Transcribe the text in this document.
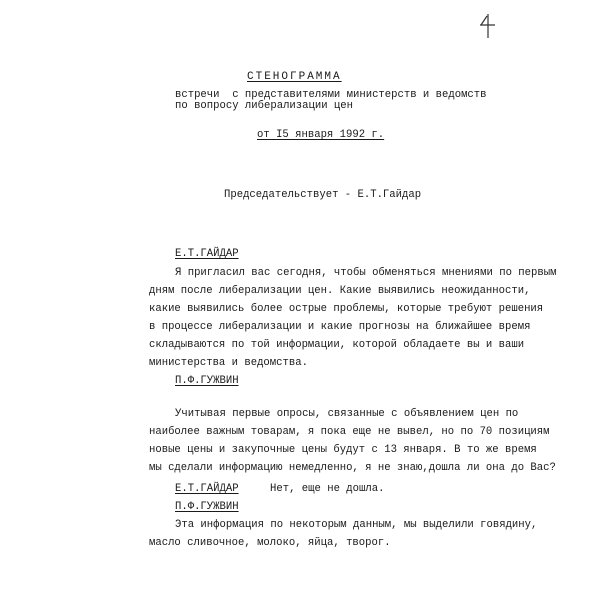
СТЕНОГРАММА
встречи  с представителями министерств и ведомств
по вопросу либерализации цен
от I5 января 1992 г.
Председательствует - Е.Т.Гайдар
Е.Т.ГАЙДАР
Я пригласил вас сегодня, чтобы обменяться мнениями по первым
дням после либерализации цен. Какие выявились неожиданности,
какие выявились более острые проблемы, которые требуют решения
в процессе либерализации и какие прогнозы на ближайшее время
складываются по той информации, которой обладаете вы и ваши
министерства и ведомства.
П.Ф.ГУЖВИН
Учитывая первые опросы, связанные с объявлением цен по
наиболее важным товарам, я пока еще не вывел, но по 70 позициям
новые цены и закупочные цены будут с 13 января. В то же время
мы сделали информацию немедленно, я не знаю,дошла ли она до Вас?
Е.Т.ГАЙДАР	Нет, еще не дошла.
П.Ф.ГУЖВИН
Эта информация по некоторым данным, мы выделили говядину,
масло сливочное, молоко, яйца, творог.
